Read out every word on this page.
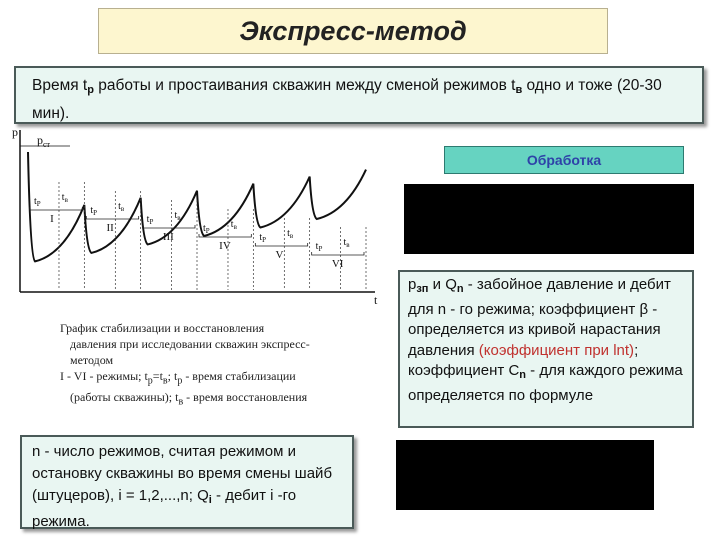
Экспресс-метод
Время $t_p$ работы и простаивания скважин между сменой режимов $t_в$ одно и тоже (20-30 мин).
p
$p_{ст}$
t
$t_P$
$t_в$
I
$t_P$
$t_в$
II
$t_P$
$t_в$
III
$t_P$
$t_в$
IV
$t_P$
$t_в$
V
$t_P$
$t_в$
VI
Обработка
$p_{зп}$ и $Q_n$ - забойное давление и дебит для n - го режима; коэффициент β - определяется из кривой нарастания давления (коэффициент при lnt); коэффициент $C_n$ - для каждого режима определяется по формуле
График стабилизации и восстановления

давления при исследовании скважин экспресс-
методом
I - VI - режимы; $t_p=t_в$; $t_p$ - время стабилизации

(работы скважины); $t_в$ - время восстановления
n - число режимов, считая режимом и остановку скважины во время смены шайб (штуцеров), i = 1,2,...,n; $Q_i$ - дебит i -го режима.
